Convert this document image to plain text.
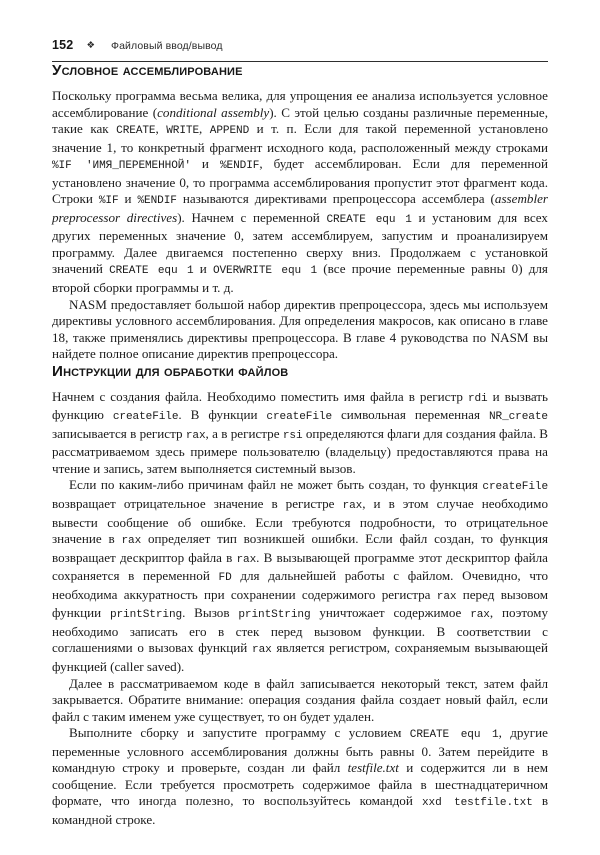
152 ❖ Файловый ввод/вывод
Условное ассемблирование

Поскольку программа весьма велика, для упрощения ее анализа используется условное ассемблирование (conditional assembly). С этой целью созданы различные переменные, такие как CREATE, WRITE, APPEND и т. п. Если для такой переменной установлено значение 1, то конкретный фрагмент исходного кода, расположенный между строками %IF 'ИМЯ_ПЕРЕМЕННОЙ' и %ENDIF, будет ассемблирован. Если для переменной установлено значение 0, то программа ассемблирования пропустит этот фрагмент кода. Строки %IF и %ENDIF называются директивами препроцессора ассемблера (assembler preprocessor directives). Начнем с переменной CREATE equ 1 и установим для всех других переменных значение 0, затем ассемблируем, запустим и проанализируем программу. Далее двигаемся постепенно сверху вниз. Продолжаем с установкой значений CREATE equ 1 и OVERWRITE equ 1 (все прочие переменные равны 0) для второй сборки программы и т. д.

NASM предоставляет большой набор директив препроцессора, здесь мы используем директивы условного ассемблирования. Для определения макросов, как описано в главе 18, также применялись директивы препроцессора. В главе 4 руководства по NASM вы найдете полное описание директив препроцессора.

Инструкции для обработки файлов

Начнем с создания файла. Необходимо поместить имя файла в регистр rdi и вызвать функцию createFile. В функции createFile символьная переменная NR_create записывается в регистр rax, а в регистре rsi определяются флаги для создания файла. В рассматриваемом здесь примере пользователю (владельцу) предоставляются права на чтение и запись, затем выполняется системный вызов.

Если по каким-либо причинам файл не может быть создан, то функция createFile возвращает отрицательное значение в регистре rax, и в этом случае необходимо вывести сообщение об ошибке. Если требуются подробности, то отрицательное значение в rax определяет тип возникшей ошибки. Если файл создан, то функция возвращает дескриптор файла в rax. В вызывающей программе этот дескриптор файла сохраняется в переменной FD для дальнейшей работы с файлом. Очевидно, что необходима аккуратность при сохранении содержимого регистра rax перед вызовом функции printString. Вызов printString уничтожает содержимое rax, поэтому необходимо записать его в стек перед вызовом функции. В соответствии с соглашениями о вызовах функций rax является регистром, сохраняемым вызывающей функцией (caller saved).

Далее в рассматриваемом коде в файл записывается некоторый текст, затем файл закрывается. Обратите внимание: операция создания файла создает новый файл, если файл с таким именем уже существует, то он будет удален.

Выполните сборку и запустите программу с условием CREATE equ 1, другие переменные условного ассемблирования должны быть равны 0. Затем перейдите в командную строку и проверьте, создан ли файл testfile.txt и содержится ли в нем сообщение. Если требуется просмотреть содержимое файла в шестнадцатеричном формате, что иногда полезно, то воспользуйтесь командой xxd testfile.txt в командной строке.
